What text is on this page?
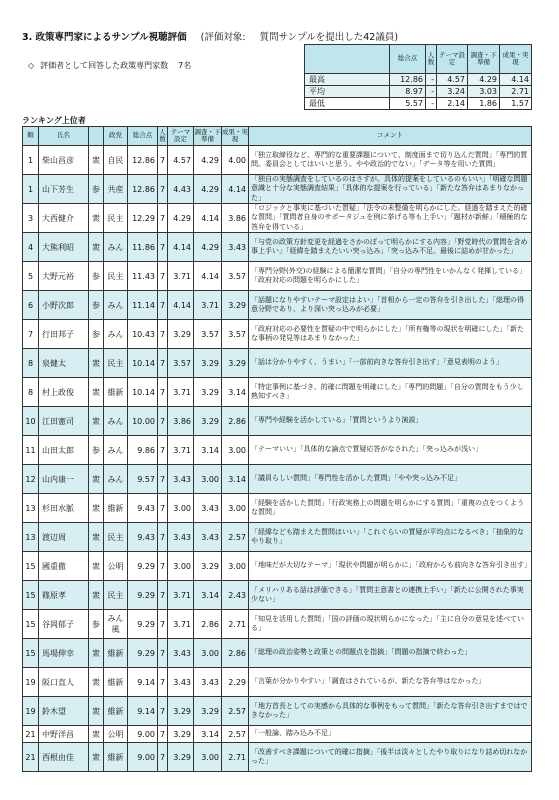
3. 政策専門家によるサンプル視聴評価 (評価対象: 質問サンプルを提出した42議員)
◇ 評価者として回答した政策専門家数 7名
	総合点	人数	テーマ設定	調査・下準備	成果・実現
最高	12.86	-	4.57	4.29	4.14
平均	8.97	-	3.24	3.03	2.71
最低	5.57	-	2.14	1.86	1.57
ランキング上位者
順	氏名		政党	総合点	人数	テーマ設定	調査・下準備	成果・実現	コメント
1	柴山昌彦	衆	自民	12.86	7	4.57	4.29	4.00	「独立取締役など、専門的な重要課題について、制度面まで切り込んだ質問」「専門的質問。委員会としてはいいと思う。やや政治的でない」「データ等を用いた質問」
1	山下芳生	参	共産	12.86	7	4.43	4.29	4.14	「独自の実態調査をしているのはさすが。具体的提案をしているのもいい」「明確な問題意識と十分な実態調査結果」「具体的な提案を行っている」「新たな答弁はあまりなかった」
3	大西健介	衆	民主	12.29	7	4.29	4.14	3.86	「ロジックと事実に基づいた質疑」「法令の未整備を明らかにした。経過を踏まえた的確な質問」「質問者自身のサポータジュを例に挙げる等も上手い」「題材が新鮮」「積極的な答弁を得ている」
4	大熊利昭	衆	みん	11.86	7	4.14	4.29	3.43	「与党の政策方針変更を経過をさかのぼって明らかにする内容」「野党時代の質問を含め事上手い」「経緯を踏まえたいい突っ込み」「突っ込み不足。最後に詰めが甘かった」
5	大野元裕	参	民主	11.43	7	3.71	4.14	3.57	「専門分野(外交)の経験による簡潔な質問」「自分の専門性をいかんなく発揮している」「政府対応の問題を明らかにした」
6	小野次郎	参	みん	11.14	7	4.14	3.71	3.29	「話題になりやすいテーマ設定はよい」「首相から一定の答弁を引き出した」「総理の得意分野であり、より深い突っ込みが必要」
7	行田邦子	参	みん	10.43	7	3.29	3.57	3.57	「政府対応の必要性を質疑の中で明らかにした」「所有権等の現状を明確にした」「新たな事柄の発見等はあまりなかった」
8	泉健太	衆	民主	10.14	7	3.57	3.29	3.29	「話は分かりやすく、うまい」「一部前向きな答弁引き出す」「意見表明のよう」
8	村上政俊	衆	維新	10.14	7	3.71	3.29	3.14	「特定事例に基づき、的確に問題を明確にした」「専門的問題」「自分の質問をもう少し熟知すべき」
10	江田憲司	衆	みん	10.00	7	3.86	3.29	2.86	「専門や経験を活かしている」「質問というより演説」
11	山田太郎	参	みん	9.86	7	3.71	3.14	3.00	「テーマいい」「具体的な論点で質疑応答がなされた」「突っ込みが浅い」
12	山内康一	衆	みん	9.57	7	3.43	3.00	3.14	「議員らしい質問」「専門性を活かした質問」「やや突っ込み不足」
13	杉田水脈	衆	維新	9.43	7	3.00	3.43	3.00	「経験を活かした質問」「行政実務上の問題を明らかにする質問」「重複の点をつくような質問」
13	渡辺周	衆	民主	9.43	7	3.43	3.43	2.57	「経緯なども踏まえた質問はいい」「これぐらいの質疑が平均点になるべき」「抽象的なやり取り」
15	國重徹	衆	公明	9.29	7	3.00	3.29	3.00	「地味だが大切なテーマ」「現状や問題が明らかに」「政府からも前向きな答弁引き出す」
15	篠原孝	衆	民主	9.29	7	3.71	3.14	2.43	「メリハリある話は評価できる」「質問主意書との連携上手い」「新たに公開された事実少ない」
15	谷岡郁子	参	みん風	9.29	7	3.71	2.86	2.71	「知見を活用した質問」「国の評価の現状明らかになった」「主に自分の意見を述べている」
15	馬場伸幸	衆	維新	9.29	7	3.43	3.00	2.86	「総理の政治姿勢と政策との問題点を指摘」「問題の指摘で終わった」
19	阪口直人	衆	維新	9.14	7	3.43	3.43	2.29	「言葉が分かりやすい」「調査はされているが、新たな答弁等はなかった」
19	鈴木望	衆	維新	9.14	7	3.29	3.29	2.57	「地方首長としての実感から具体的な事例をもって質問」「新たな答弁引き出すまではできなかった」
21	中野洋昌	衆	公明	9.00	7	3.29	3.14	2.57	「一般論、踏み込み不足」
21	西根由佳	衆	維新	9.00	7	3.29	3.00	2.71	「改善すべき課題について的確に指摘」「後半は淡々としたやり取りになり詰め切れなかった」
